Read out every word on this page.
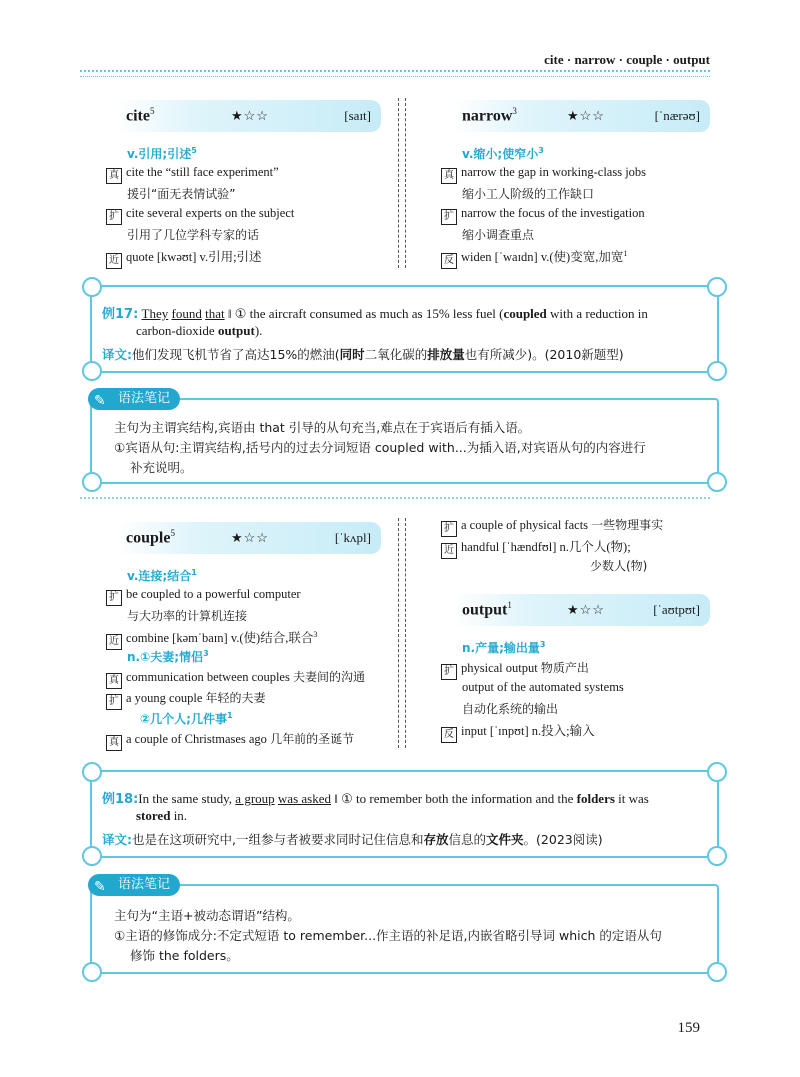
cite · narrow · couple · output
cite$^5$	★☆☆	[saɪt]
v.引用;引述$^5$
真 cite the “still face experiment”
援引“面无表情试验”
扩 cite several experts on the subject
引用了几位学科专家的话
近 quote [kwəʊt] v.引用;引述
narrow$^3$	★☆☆	[ˈnærəʊ]
v.缩小;使窄小$^3$
真 narrow the gap in working-class jobs
缩小工人阶级的工作缺口
扩 narrow the focus of the investigation
缩小调查重点
反 widen [ˈwaɪdn] v.(使)变宽,加宽$^1$
例17: They found that ‖ ① the aircraft consumed as much as 15% less fuel (coupled with a reduction in
carbon-dioxide output).
译文:他们发现飞机节省了高达15%的燃油(同时二氧化碳的排放量也有所减少)。(2010新题型)
主句为主谓宾结构,宾语由 that 引导的从句充当,难点在于宾语后有插入语。
①宾语从句:主谓宾结构,括号内的过去分词短语 coupled with...为插入语,对宾语从句的内容进行
补充说明。
✎ 语法笔记
couple$^5$	★☆☆	[ˈkʌpl]
v.连接;结合$^1$
扩 be coupled to a powerful computer
与大功率的计算机连接
近 combine [kəmˈbaɪn] v.(使)结合,联合$^3$
n.①夫妻;情侣$^3$
真 communication between couples 夫妻间的沟通
扩 a young couple 年轻的夫妻
②几个人;几件事$^1$
真 a couple of Christmases ago 几年前的圣诞节
扩 a couple of physical facts 一些物理事实
近 handful [ˈhændfʊl] n.几个人(物);
少数人(物)
output$^1$	★☆☆	[ˈaʊtpʊt]
n.产量;输出量$^3$
扩 physical output 物质产出
output of the automated systems
自动化系统的输出
反 input [ˈɪnpʊt] n.投入;输入
例18:In the same study, a group was asked ‖ ① to remember both the information and the folders it was
stored in.
译文:也是在这项研究中,一组参与者被要求同时记住信息和存放信息的文件夹。(2023阅读)
主句为“主语+被动态谓语”结构。
①主语的修饰成分:不定式短语 to remember...作主语的补足语,内嵌省略引导词 which 的定语从句
修饰 the folders。
✎ 语法笔记
159
